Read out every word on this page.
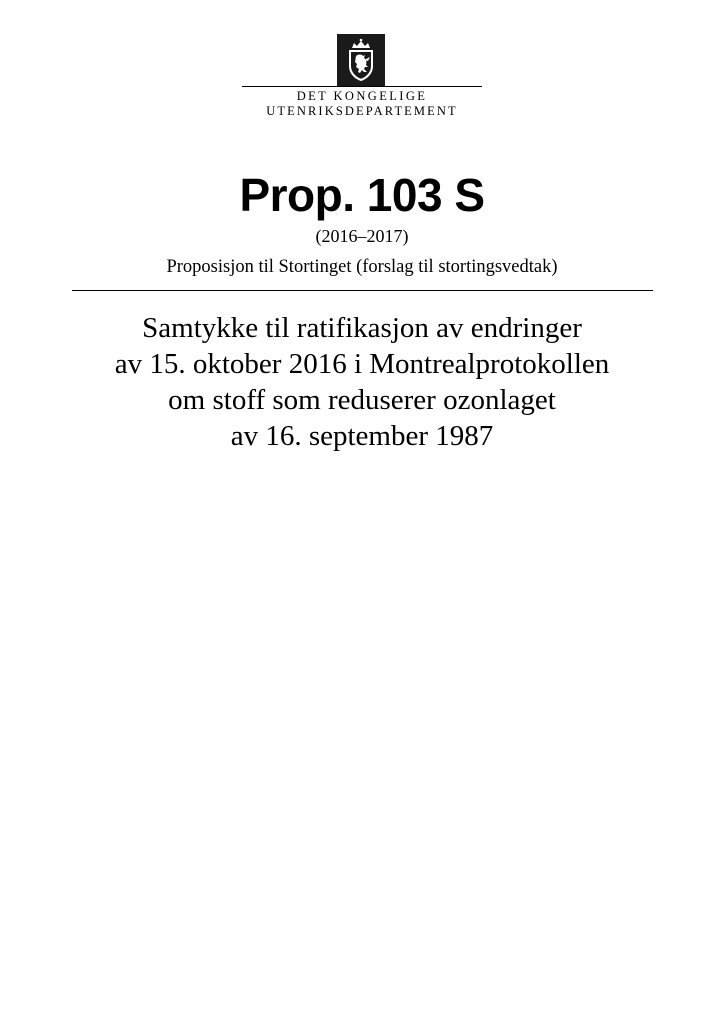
DET KONGELIGE
UTENRIKSDEPARTEMENT
Prop. 103 S
(2016–2017)
Proposisjon til Stortinget (forslag til stortingsvedtak)
Samtykke til ratifikasjon av endringer
av 15. oktober 2016 i Montrealprotokollen
om stoff som reduserer ozonlaget
av 16. september 1987
